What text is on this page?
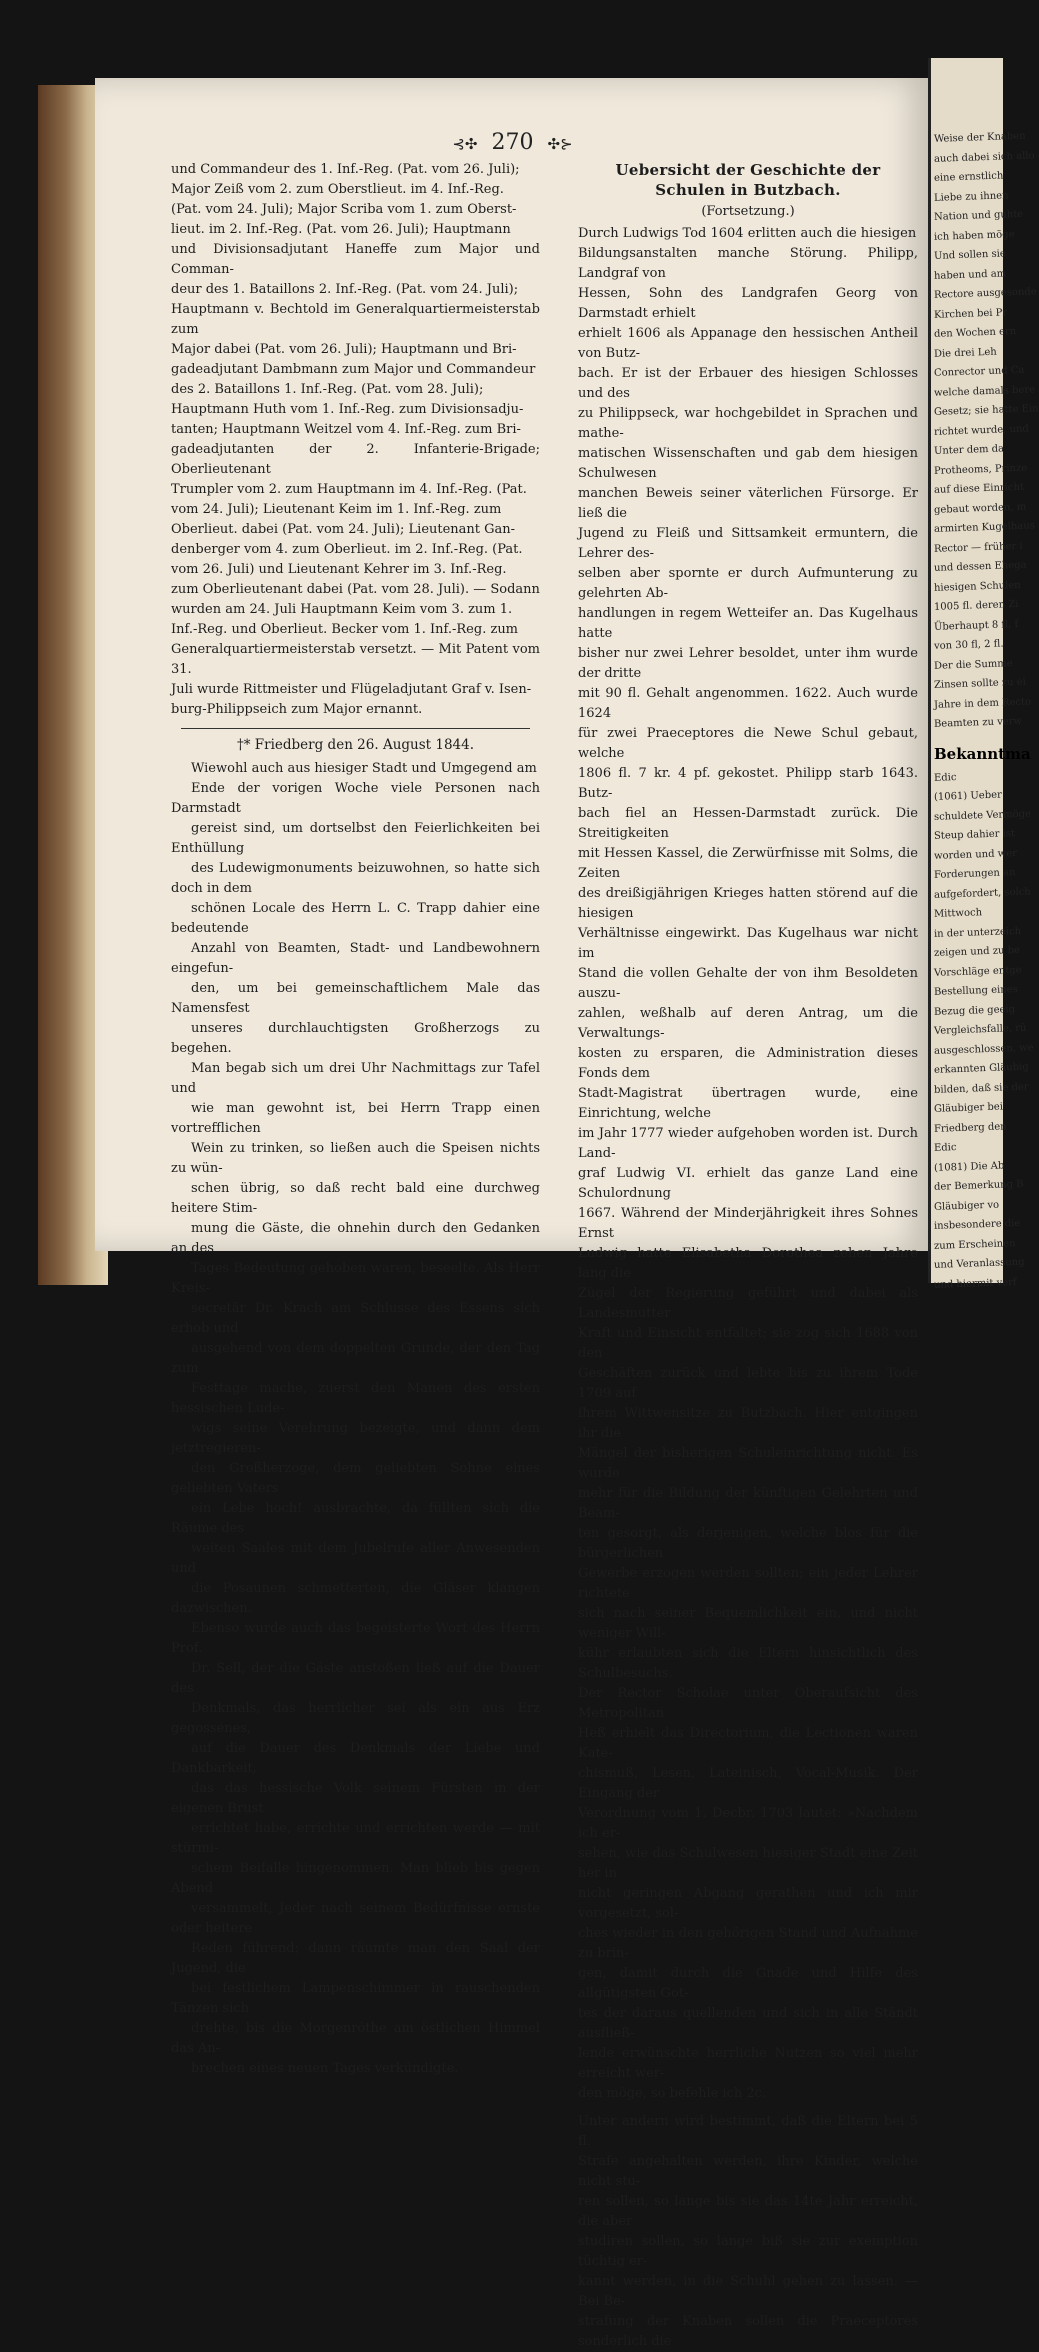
⊰✣ 270 ✣⊱
und Commandeur des 1. Inf.-Reg. (Pat. vom 26. Juli);
Major Zeiß vom 2. zum Oberstlieut. im 4. Inf.-Reg.
(Pat. vom 24. Juli); Major Scriba vom 1. zum Oberst-
lieut. im 2. Inf.-Reg. (Pat. vom 26. Juli); Hauptmann
und Divisionsadjutant Haneffe zum Major und Comman-
deur des 1. Bataillons 2. Inf.-Reg. (Pat. vom 24. Juli);
Hauptmann v. Bechtold im Generalquartiermeisterstab zum
Major dabei (Pat. vom 26. Juli); Hauptmann und Bri-
gadeadjutant Dambmann zum Major und Commandeur
des 2. Bataillons 1. Inf.-Reg. (Pat. vom 28. Juli);
Hauptmann Huth vom 1. Inf.-Reg. zum Divisionsadju-
tanten; Hauptmann Weitzel vom 4. Inf.-Reg. zum Bri-
gadeadjutanten der 2. Infanterie-Brigade; Oberlieutenant
Trumpler vom 2. zum Hauptmann im 4. Inf.-Reg. (Pat.
vom 24. Juli); Lieutenant Keim im 1. Inf.-Reg. zum
Oberlieut. dabei (Pat. vom 24. Juli); Lieutenant Gan-
denberger vom 4. zum Oberlieut. im 2. Inf.-Reg. (Pat.
vom 26. Juli) und Lieutenant Kehrer im 3. Inf.-Reg.
zum Oberlieutenant dabei (Pat. vom 28. Juli). — Sodann
wurden am 24. Juli Hauptmann Keim vom 3. zum 1.
Inf.-Reg. und Oberlieut. Becker vom 1. Inf.-Reg. zum
Generalquartiermeisterstab versetzt. — Mit Patent vom 31.
Juli wurde Rittmeister und Flügeladjutant Graf v. Isen-
burg-Philippseich zum Major ernannt.
†* Friedberg den 26. August 1844.
Wiewohl auch aus hiesiger Stadt und Umgegend am
Ende der vorigen Woche viele Personen nach Darmstadt
gereist sind, um dortselbst den Feierlichkeiten bei Enthüllung
des Ludewigmonuments beizuwohnen, so hatte sich doch in dem
schönen Locale des Herrn L. C. Trapp dahier eine bedeutende
Anzahl von Beamten, Stadt- und Landbewohnern eingefun-
den, um bei gemeinschaftlichem Male das Namensfest
unseres durchlauchtigsten Großherzogs zu begehen.
Man begab sich um drei Uhr Nachmittags zur Tafel und
wie man gewohnt ist, bei Herrn Trapp einen vortrefflichen
Wein zu trinken, so ließen auch die Speisen nichts zu wün-
schen übrig, so daß recht bald eine durchweg heitere Stim-
mung die Gäste, die ohnehin durch den Gedanken an des
Tages Bedeutung gehoben waren, beseelte. Als Herr Kreis-
secretär Dr. Krach am Schlusse des Essens sich erhob und
ausgehend von dem doppelten Grunde, der den Tag zum
Festtage mache, zuerst den Manen des ersten hessischen Lude-
wigs seine Verehrung bezeigte, und dann dem jetztregieren-
den Großherzoge, dem geliebten Sohne eines geliebten Vaters
ein Lebe hoch! ausbrachte, da füllten sich die Räume des
weiten Saales mit dem Jubelrufe aller Anwesenden und
die Posaunen schmetterten, die Gläser klangen dazwischen.
Ebenso wurde auch das begeisterte Wort des Herrn Prof.
Dr. Sell, der die Gäste anstoßen ließ auf die Dauer des
Denkmals, das herrlicher sei als ein aus Erz gegossenes,
auf die Dauer des Denkmals der Liebe und Dankbarkeit,
das das hessische Volk seinem Fürsten in der eigenen Brust
errichtet habe, errichte und errichten werde — mit stürmi-
schem Beifalle hingenommen. Man blieb bis gegen Abend
versammelt, Jeder nach seinem Bedürfnisse ernste oder heitere
Reden führend; dann räumte man den Saal der Jugend, die
bei festlichem Lampenschimmer in rauschenden Tänzen sich
drehte, bis die Morgenröthe am östlichen Himmel das An-
brechen eines neuen Tages verkündigte.
Uebersicht der Geschichte der Schulen in Butzbach.
(Fortsetzung.)
Durch Ludwigs Tod 1604 erlitten auch die hiesigen
Bildungsanstalten manche Störung. Philipp, Landgraf von
Hessen, Sohn des Landgrafen Georg von Darmstadt erhielt
erhielt 1606 als Appanage den hessischen Antheil von Butz-
bach. Er ist der Erbauer des hiesigen Schlosses und des
zu Philippseck, war hochgebildet in Sprachen und mathe-
matischen Wissenschaften und gab dem hiesigen Schulwesen
manchen Beweis seiner väterlichen Fürsorge. Er ließ die
Jugend zu Fleiß und Sittsamkeit ermuntern, die Lehrer des-
selben aber spornte er durch Aufmunterung zu gelehrten Ab-
handlungen in regem Wetteifer an. Das Kugelhaus hatte
bisher nur zwei Lehrer besoldet, unter ihm wurde der dritte
mit 90 fl. Gehalt angenommen. 1622. Auch wurde 1624
für zwei Praeceptores die Newe Schul gebaut, welche
1806 fl. 7 kr. 4 pf. gekostet. Philipp starb 1643. Butz-
bach fiel an Hessen-Darmstadt zurück. Die Streitigkeiten
mit Hessen Kassel, die Zerwürfnisse mit Solms, die Zeiten
des dreißigjährigen Krieges hatten störend auf die hiesigen
Verhältnisse eingewirkt. Das Kugelhaus war nicht im
Stand die vollen Gehalte der von ihm Besoldeten auszu-
zahlen, weßhalb auf deren Antrag, um die Verwaltungs-
kosten zu ersparen, die Administration dieses Fonds dem
Stadt-Magistrat übertragen wurde, eine Einrichtung, welche
im Jahr 1777 wieder aufgehoben worden ist. Durch Land-
graf Ludwig VI. erhielt das ganze Land eine Schulordnung
1667. Während der Minderjährigkeit ihres Sohnes Ernst
Ludwig hatte Elisabetha Dorothea zehen Jahre lang die
Zügel der Regierung geführt und dabei als Landesmutter
Kraft und Einsicht entfaltet; sie zog sich 1688 von den
Geschäften zurück und lebte bis zu ihrem Tode 1709 auf
ihrem Wittwensitze zu Butzbach. Hier entgingen ihr die
Mängel der bisherigen Schuleinrichtung nicht. Es wurde
mehr für die Bildung der künftigen Gelehrten und Beam-
ten gesorgt, als derjenigen, welche blos für die bürgerlichen
Gewerbe erzogen werden sollten; ein jeder Lehrer richtete
sich nach seiner Bequemlichkeit ein, und nicht weniger Will-
kühr erlaubten sich die Eltern hinsichtlich des Schulbesuchs.
Der Rector Scholae unter Oberaufsicht des Metropolitan
Heß erhielt das Directorium, die Lectionen waren Kate-
chismuß, Lesen, Lateinisch, Vocal-Musik. Der Eingang der
Verordnung vom 1. Decbr. 1703 lautet: »Nachdem ich er-
sehen, wie das Schulwesen hiesiger Stadt eine Zeit her in
nicht geringen Abgang gerathen und ich mir vorgesetzt, sol-
ches wieder in den gehörigen Stand und Aufnahme zu brin-
gen, damit durch die Gnade und Hilfe des allgütigsten Got-
tes der daraus quellenden und sich in alle Ständt ausfließ-
lende erwünschte herrliche Nutzen so viel mehr erreicht wer-
den möge, so befehle ich 2c.
Unter andern wird bestimmt, daß die Eltern bei 5 fl.
Strafe angehalten werden, ihre Kinder, welche nicht stu-
ren sollen, so lange bis sie das 14te Jahr erreicht, die aber
studiren sollen, so lange biß sie zur exemption tüchtig er-
kannt werden, in die Schuhl gehen zu lassen. — Bei Be-
strafung der Knaben sollen die Praeceptores sonderlich die
Weise der Knaben
auch dabei sich allo
eine ernstlich
Liebe zu ihnen
Nation und guhte
ich haben möge
Und sollen sie
haben und am
Rectore ausgesonde
Kirchen bei Pr
den Wochen ern
Die drei Leh
Conrector und Ca
welche damals bere
Gesetz; sie hatte Ein
richtet wurde, und
Unter dem da
Protheoms, Prinze
auf diese Einricht
gebaut worden, m
armirten Kugelhaus
Rector — früher i
und dessen Ehega
hiesigen Schulen
1005 fl. deren Zi
Überhaupt 8 fl, f
von 30 fl, 2 fl.
Der die Summe
Zinsen sollte zu ei
Jahre in dem Recto
Beamten zu verw
Bekanntma
Edic
(1061) Ueber
schuldete Vermöge
Steup dahier ist
worden und wer
Forderungen an
aufgefordert, solch
Mittwoch
in der unterzeich
zeigen und zu be
Vorschläge entge
Bestellung eines
Bezug die geeig
Vergleichsfalle, rü
ausgeschlossen, we
erkannten Gläubig
bilden, daß sie der
Gläubiger bei
Friedberg den
Edic
(1081) Die Ab
der Bemerkung B
Gläubiger vo
insbesondere die
zum Erscheinen
und Veranlassung
und hiermit verf
